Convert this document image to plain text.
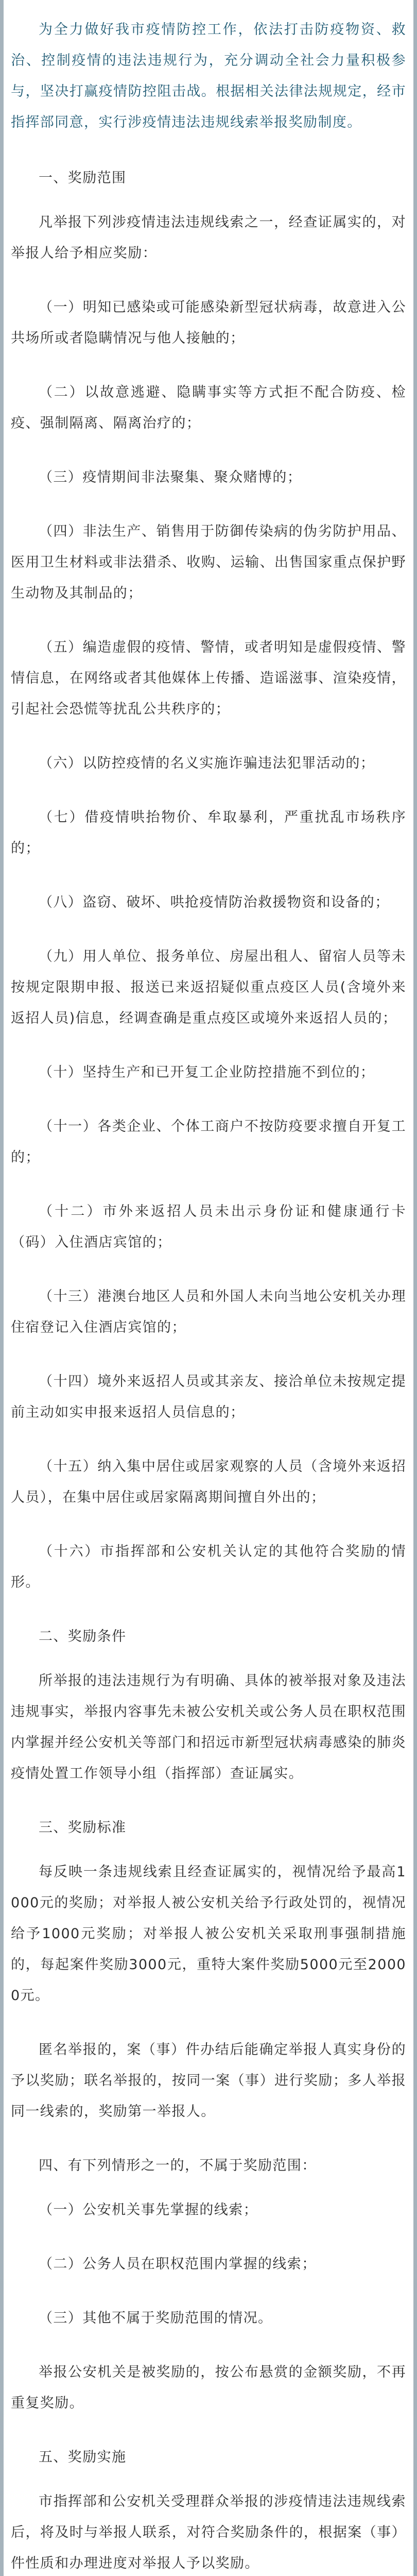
为全力做好我市疫情防控工作，依法打击防疫物资、救治、控制疫情的违法违规行为，充分调动全社会力量积极参与，坚决打赢疫情防控阻击战。根据相关法律法规规定，经市指挥部同意，实行涉疫情违法违规线索举报奖励制度。

一、奖励范围

凡举报下列涉疫情违法违规线索之一，经查证属实的，对举报人给予相应奖励：

（一）明知已感染或可能感染新型冠状病毒，故意进入公共场所或者隐瞒情况与他人接触的；

（二）以故意逃避、隐瞒事实等方式拒不配合防疫、检疫、强制隔离、隔离治疗的；

（三）疫情期间非法聚集、聚众赌博的；

（四）非法生产、销售用于防御传染病的伪劣防护用品、医用卫生材料或非法猎杀、收购、运输、出售国家重点保护野生动物及其制品的；

（五）编造虚假的疫情、警情，或者明知是虚假疫情、警情信息，在网络或者其他媒体上传播、造谣滋事、渲染疫情，引起社会恐慌等扰乱公共秩序的；

（六）以防控疫情的名义实施诈骗违法犯罪活动的；

（七）借疫情哄抬物价、牟取暴利，严重扰乱市场秩序的；

（八）盗窃、破坏、哄抢疫情防治救援物资和设备的；

（九）用人单位、报务单位、房屋出租人、留宿人员等未按规定限期申报、报送已来返招疑似重点疫区人员(含境外来返招人员)信息，经调查确是重点疫区或境外来返招人员的；

（十）坚持生产和已开复工企业防控措施不到位的；

（十一）各类企业、个体工商户不按防疫要求擅自开复工的；

（十二）市外来返招人员未出示身份证和健康通行卡（码）入住酒店宾馆的；

（十三）港澳台地区人员和外国人未向当地公安机关办理住宿登记入住酒店宾馆的；

（十四）境外来返招人员或其亲友、接洽单位未按规定提前主动如实申报来返招人员信息的；

（十五）纳入集中居住或居家观察的人员（含境外来返招人员），在集中居住或居家隔离期间擅自外出的；

（十六）市指挥部和公安机关认定的其他符合奖励的情形。

二、奖励条件

所举报的违法违规行为有明确、具体的被举报对象及违法违规事实，举报内容事先未被公安机关或公务人员在职权范围内掌握并经公安机关等部门和招远市新型冠状病毒感染的肺炎疫情处置工作领导小组（指挥部）查证属实。

三、奖励标准

每反映一条违规线索且经查证属实的，视情况给予最高1000元的奖励；对举报人被公安机关给予行政处罚的，视情况给予1000元奖励；对举报人被公安机关采取刑事强制措施的，每起案件奖励3000元，重特大案件奖励5000元至20000元。

匿名举报的，案（事）件办结后能确定举报人真实身份的予以奖励；联名举报的，按同一案（事）进行奖励；多人举报同一线索的，奖励第一举报人。

四、有下列情形之一的，不属于奖励范围：

（一）公安机关事先掌握的线索；

（二）公务人员在职权范围内掌握的线索；

（三）其他不属于奖励范围的情况。

举报公安机关是被奖励的，按公布悬赏的金额奖励，不再重复奖励。

五、奖励实施

市指挥部和公安机关受理群众举报的涉疫情违法违规线索后，将及时与举报人联系，对符合奖励条件的，根据案（事）件性质和办理进度对举报人予以奖励。
